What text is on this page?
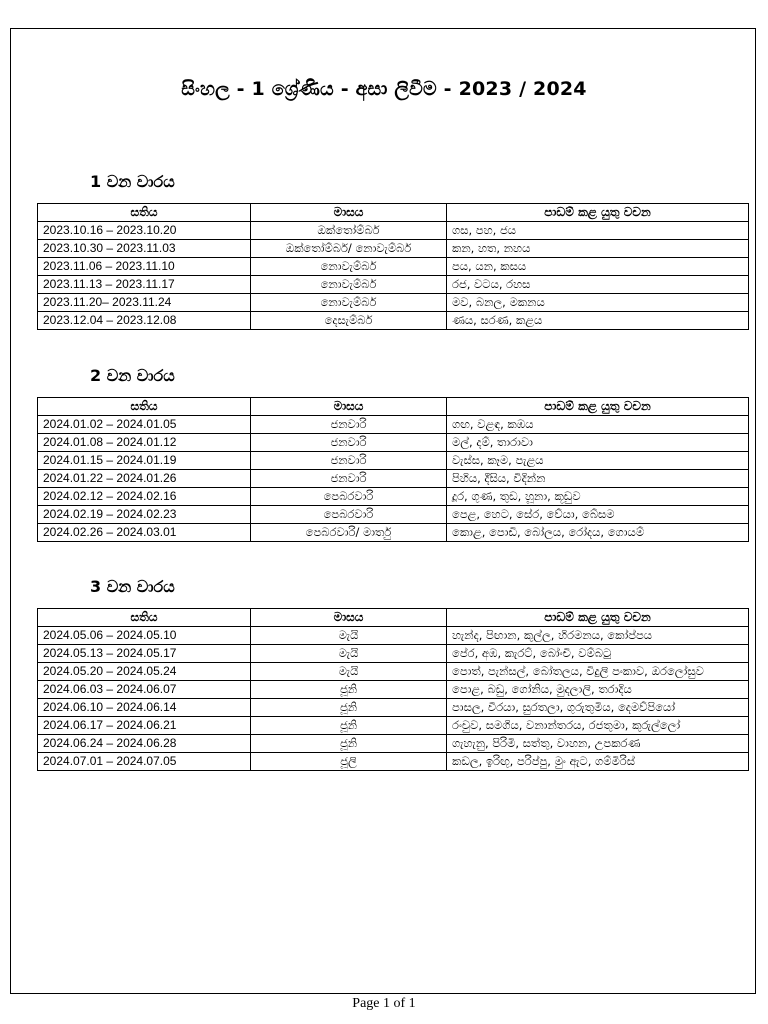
සිංහල - 1 ශ්‍රේණිය - අසා ලිවීම - 2023 / 2024
1 වන වාරය
සතිය	මාසය	පාඩම් කළ යුතු වචන
2023.10.16 – 2023.10.20	ඔක්තෝම්බර්	ගස, පහ, ජය
2023.10.30 – 2023.11.03	ඔක්තෝම්බර්/ නොවැම්බර්	කන, හත, නහය
2023.11.06 – 2023.11.10	නොවැම්බර්	පය, යන, කසය
2023.11.13 – 2023.11.17	නොවැම්බර්	රජ, වටය, රහස
2023.11.20– 2023.11.24	නොවැම්බර්	මව, බනල, මකනය
2023.12.04 – 2023.12.08	දෙසැම්බර්	ණය, සරණ, කළය
2 වන වාරය
සතිය	මාසය	පාඩම් කළ යුතු වචන
2024.01.02 – 2024.01.05	ජනවාරි	ගඟ, වළඳ, කඹය
2024.01.08 – 2024.01.12	ජනවාරි	මල්, දම්, තාරාවා
2024.01.15 – 2024.01.19	ජනවාරි	වැස්ස, කෑම, පැළය
2024.01.22 – 2024.01.26	ජනවාරි	පිහිය, දීසිය, විදින්න
2024.02.12 – 2024.02.16	පෙබරවාරි	දූර, ගුණ, තුඩ, හූනා, කූඩුව
2024.02.19 – 2024.02.23	පෙබරවාරි	පෙළ, හෙට, සේර, වේයා, බේසම
2024.02.26 – 2024.03.01	පෙබරවාරි/ මාර්තු	කොළ, පොඩි, බෝලය, රෝදය, ගොයම්
3 වන වාරය
සතිය	මාසය	පාඩම් කළ යුතු වචන
2024.05.06 – 2024.05.10	මැයි	හැන්ද, පිඟාන, කුල්ල, හිරමනය, කෝප්පය
2024.05.13 – 2024.05.17	මැයි	පේර, අඹ, කැරට්, බෝංචි, වම්බටු
2024.05.20 – 2024.05.24	මැයි	පොත්, පැන්සල්, බෝතලය, විදුලි පංකාව, ඔරලෝසුව
2024.06.03 – 2024.06.07	ජූනි	පොළ, බඩු, ගෝනිය, මුදලාලි, තරාදිය
2024.06.10 – 2024.06.14	ජූනි	පාසල, වීරයා, සුරතලා, ගුරුතුමිය, දෙමව්පියෝ
2024.06.17 – 2024.06.21	ජූනි	රංචුව, සමගිය, වනාන්තරය, රජතුමා, කුරුල්ලෝ
2024.06.24 – 2024.06.28	ජූනි	ගැහැනු, පිරිමි, සත්තු, වාහන, උපකරණ
2024.07.01 – 2024.07.05	ජූලි	කඩල, ඉරිඟු, පරිප්පු, මුං ඇට, ගම්මිරිස්
Page 1 of 1
